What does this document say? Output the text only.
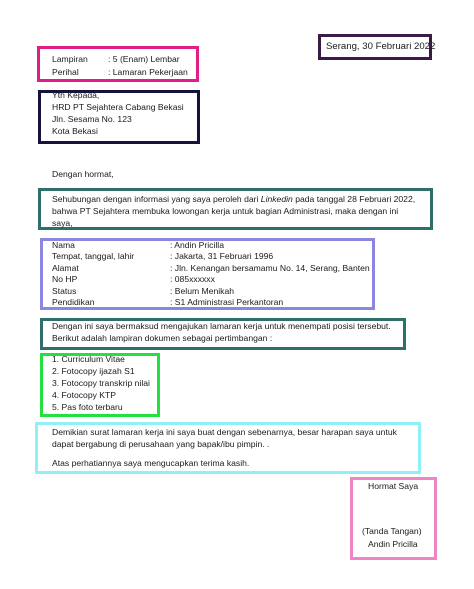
Serang, 30 Februari 2022
Lampiran : 5 (Enam) Lembar
Perihal	: Lamaran Pekerjaan
Yth Kepada,
HRD PT Sejahtera Cabang Bekasi
Jln. Sesama No. 123
Kota Bekasi
Dengan hormat,
Sehubungan dengan informasi yang saya peroleh dari Linkedin pada tanggal 28 Februari 2022,
bahwa PT Sejahtera membuka lowongan kerja untuk bagian Administrasi, maka dengan ini
saya,
Nama	: Andin Pricilla
Tempat, tanggal, lahir	: Jakarta, 31 Februari 1996
Alamat	: Jln. Kenangan bersamamu No. 14, Serang, Banten
No HP	: 085xxxxxx
Status	: Belum Menikah
Pendidikan	: S1 Administrasi Perkantoran
Dengan ini saya bermaksud mengajukan lamaran kerja untuk menempati posisi tersebut.
Berikut adalah lampiran dokumen sebagai pertimbangan :
1. Curriculum Vitae
2. Fotocopy ijazah S1
3. Fotocopy transkrip nilai
4. Fotocopy KTP
5. Pas foto terbaru
Demikian surat lamaran kerja ini saya buat dengan sebenarnya, besar harapan saya untuk
dapat bergabung di perusahaan yang bapak/ibu pimpin. .
Atas perhatiannya saya mengucapkan terima kasih.
Hormat Saya
(Tanda Tangan)
Andin Pricilla
